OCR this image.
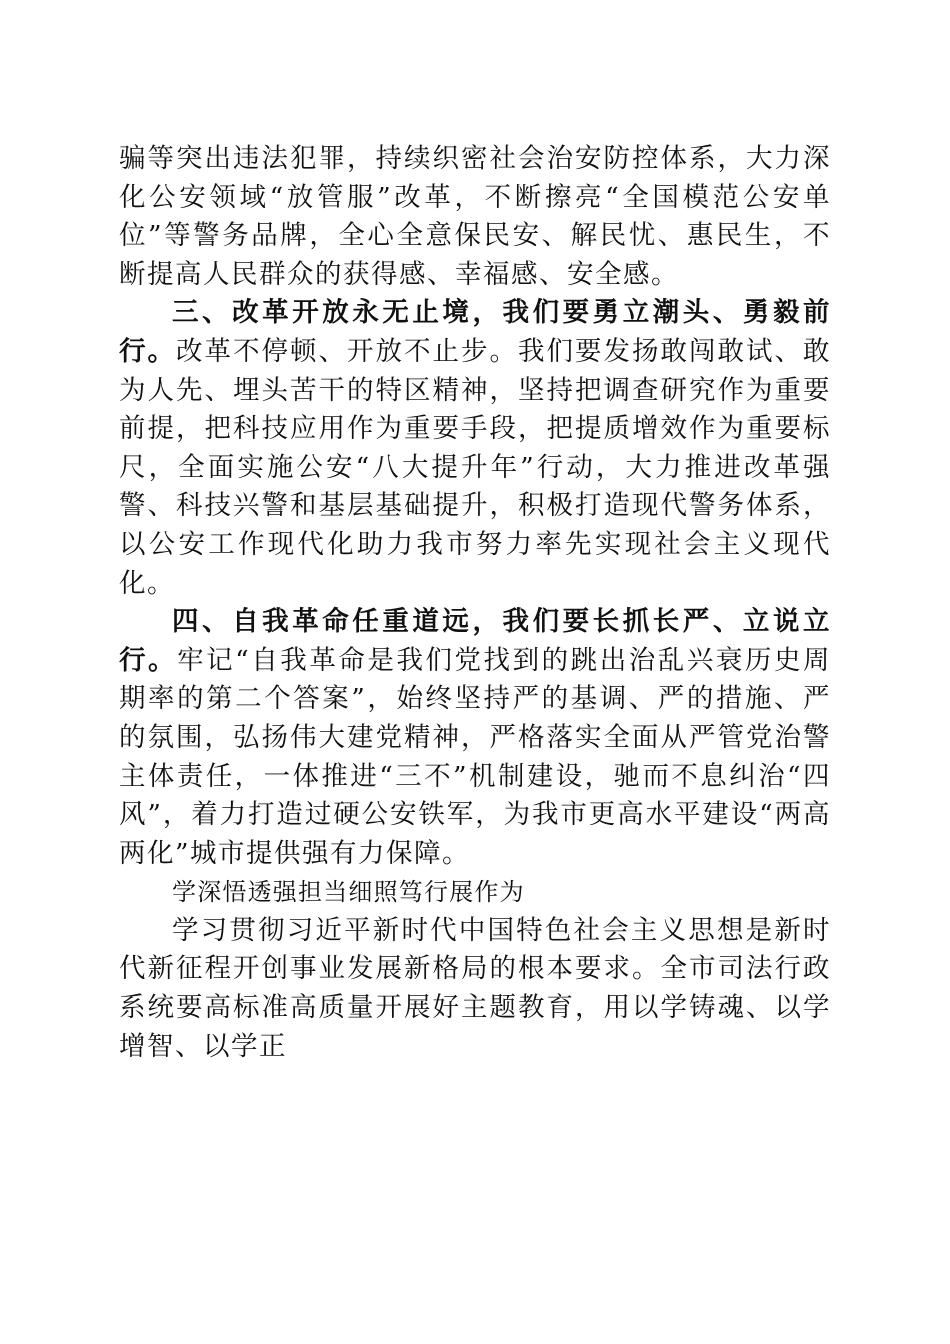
骗等突出违法犯罪，持续织密社会治安防控体系，大力深化公安领域“放管服”改革，不断擦亮“全国模范公安单位”等警务品牌，全心全意保民安、解民忧、惠民生，不断提高人民群众的获得感、幸福感、安全感。

三、改革开放永无止境，我们要勇立潮头、勇毅前行。改革不停顿、开放不止步。我们要发扬敢闯敢试、敢为人先、埋头苦干的特区精神，坚持把调查研究作为重要前提，把科技应用作为重要手段，把提质增效作为重要标尺，全面实施公安“八大提升年”行动，大力推进改革强警、科技兴警和基层基础提升，积极打造现代警务体系，以公安工作现代化助力我市努力率先实现社会主义现代化。

四、自我革命任重道远，我们要长抓长严、立说立行。牢记“自我革命是我们党找到的跳出治乱兴衰历史周期率的第二个答案”，始终坚持严的基调、严的措施、严的氛围，弘扬伟大建党精神，严格落实全面从严管党治警主体责任，一体推进“三不”机制建设，驰而不息纠治“四风”，着力打造过硬公安铁军，为我市更高水平建设“两高两化”城市提供强有力保障。

学深悟透强担当细照笃行展作为

学习贯彻习近平新时代中国特色社会主义思想是新时代新征程开创事业发展新格局的根本要求。全市司法行政系统要高标准高质量开展好主题教育，用以学铸魂、以学增智、以学正
